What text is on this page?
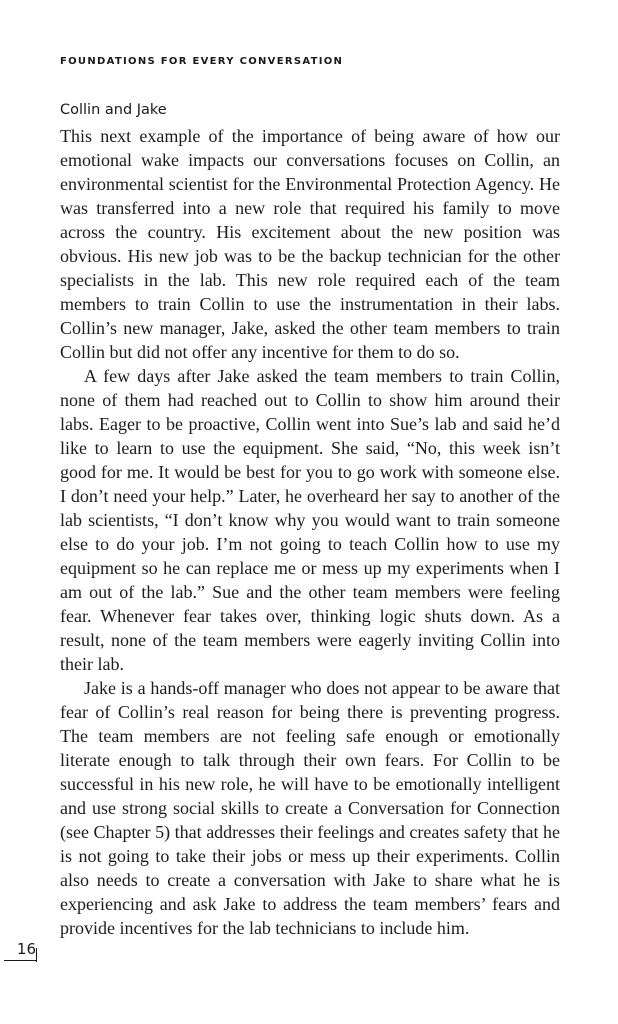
FOUNDATIONS FOR EVERY CONVERSATION
Collin and Jake

This next example of the importance of being aware of how our emotional wake impacts our conversations focuses on Collin, an environmental scientist for the Environmental Protection Agency. He was transferred into a new role that required his family to move across the country. His excitement about the new position was obvious. His new job was to be the backup technician for the other specialists in the lab. This new role required each of the team members to train Collin to use the instrumentation in their labs. Collin’s new manager, Jake, asked the other team members to train Collin but did not offer any incentive for them to do so.

A few days after Jake asked the team members to train Collin, none of them had reached out to Collin to show him around their labs. Eager to be proactive, Collin went into Sue’s lab and said he’d like to learn to use the equipment. She said, “No, this week isn’t good for me. It would be best for you to go work with someone else. I don’t need your help.” Later, he overheard her say to another of the lab scientists, “I don’t know why you would want to train someone else to do your job. I’m not going to teach Collin how to use my equipment so he can replace me or mess up my experiments when I am out of the lab.” Sue and the other team members were feeling fear. Whenever fear takes over, thinking logic shuts down. As a result, none of the team members were eagerly inviting Collin into their lab.

Jake is a hands-off manager who does not appear to be aware that fear of Collin’s real reason for being there is preventing progress. The team members are not feeling safe enough or emotionally literate enough to talk through their own fears. For Collin to be successful in his new role, he will have to be emotionally intelligent and use strong social skills to create a Conversation for Connection (see Chapter 5) that addresses their feelings and creates safety that he is not going to take their jobs or mess up their experiments. Collin also needs to create a conversation with Jake to share what he is experiencing and ask Jake to address the team members’ fears and provide incentives for the lab technicians to include him.

16
